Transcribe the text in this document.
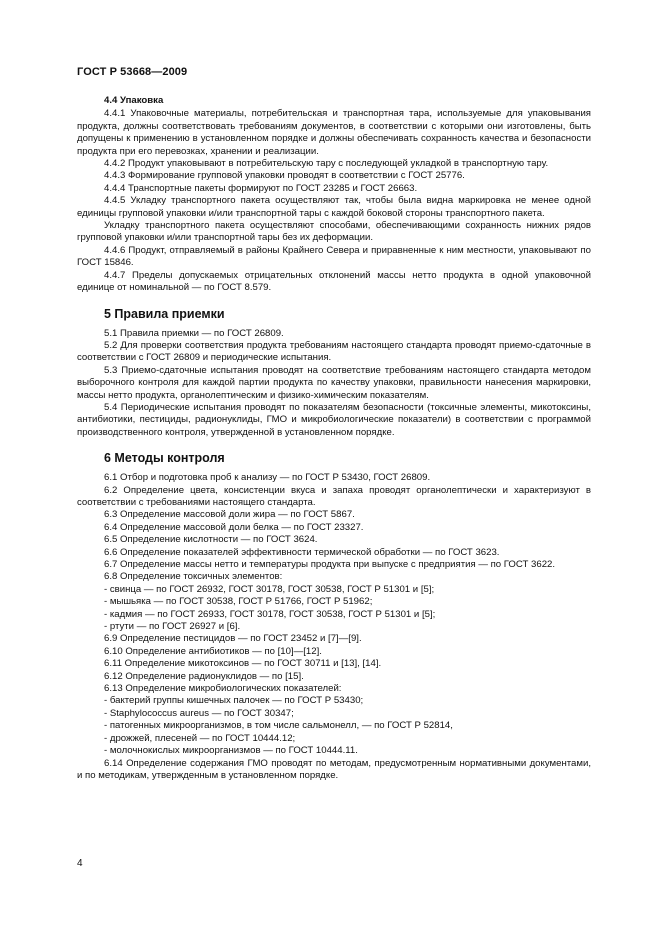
ГОСТ Р 53668—2009
4.4 Упаковка

4.4.1 Упаковочные материалы, потребительская и транспортная тара, используемые для упаковывания продукта, должны соответствовать требованиям документов, в соответствии с которыми они изготовлены, быть допущены к применению в установленном порядке и должны обеспечивать сохранность качества и безопасности продукта при его перевозках, хранении и реализации.

4.4.2 Продукт упаковывают в потребительскую тару с последующей укладкой в транспортную тару.

4.4.3 Формирование групповой упаковки проводят в соответствии с ГОСТ 25776.

4.4.4 Транспортные пакеты формируют по ГОСТ 23285 и ГОСТ 26663.

4.4.5 Укладку транспортного пакета осуществляют так, чтобы была видна маркировка не менее одной единицы групповой упаковки и/или транспортной тары с каждой боковой стороны транспортного пакета.

Укладку транспортного пакета осуществляют способами, обеспечивающими сохранность нижних рядов групповой упаковки и/или транспортной тары без их деформации.

4.4.6 Продукт, отправляемый в районы Крайнего Севера и приравненные к ним местности, упаковывают по ГОСТ 15846.

4.4.7 Пределы допускаемых отрицательных отклонений массы нетто продукта в одной упаковочной единице от номинальной — по ГОСТ 8.579.

5 Правила приемки

5.1 Правила приемки — по ГОСТ 26809.

5.2 Для проверки соответствия продукта требованиям настоящего стандарта проводят приемо-сдаточные в соответствии с ГОСТ 26809 и периодические испытания.

5.3 Приемо-сдаточные испытания проводят на соответствие требованиям настоящего стандарта методом выборочного контроля для каждой партии продукта по качеству упаковки, правильности нанесения маркировки, массы нетто продукта, органолептическим и физико-химическим показателям.

5.4 Периодические испытания проводят по показателям безопасности (токсичные элементы, микотоксины, антибиотики, пестициды, радионуклиды, ГМО и микробиологические показатели) в соответствии с программой производственного контроля, утвержденной в установленном порядке.

6 Методы контроля

6.1 Отбор и подготовка проб к анализу — по ГОСТ Р 53430, ГОСТ 26809.

6.2 Определение цвета, консистенции вкуса и запаха проводят органолептически и характеризуют в соответствии с требованиями настоящего стандарта.

6.3 Определение массовой доли жира — по ГОСТ 5867.

6.4 Определение массовой доли белка — по ГОСТ 23327.

6.5 Определение кислотности — по ГОСТ 3624.

6.6 Определение показателей эффективности термической обработки — по ГОСТ 3623.

6.7 Определение массы нетто и температуры продукта при выпуске с предприятия — по ГОСТ 3622.

6.8 Определение токсичных элементов:

- свинца — по ГОСТ 26932, ГОСТ 30178, ГОСТ 30538, ГОСТ Р 51301 и [5];

- мышьяка — по ГОСТ 30538, ГОСТ Р 51766, ГОСТ Р 51962;

- кадмия — по ГОСТ 26933, ГОСТ 30178, ГОСТ 30538, ГОСТ Р 51301 и [5];

- ртути — по ГОСТ 26927 и [6].

6.9 Определение пестицидов — по ГОСТ 23452 и [7]—[9].

6.10 Определение антибиотиков — по [10]—[12].

6.11 Определение микотоксинов — по ГОСТ 30711 и [13], [14].

6.12 Определение радионуклидов — по [15].

6.13 Определение микробиологических показателей:

- бактерий группы кишечных палочек — по ГОСТ Р 53430;

- Staphylococcus aureus — по ГОСТ 30347;

- патогенных микроорганизмов, в том числе сальмонелл, — по ГОСТ Р 52814,

- дрожжей, плесеней — по ГОСТ 10444.12;

- молочнокислых микроорганизмов — по ГОСТ 10444.11.

6.14 Определение содержания ГМО проводят по методам, предусмотренным нормативными документами, и по методикам, утвержденным в установленном порядке.

4
